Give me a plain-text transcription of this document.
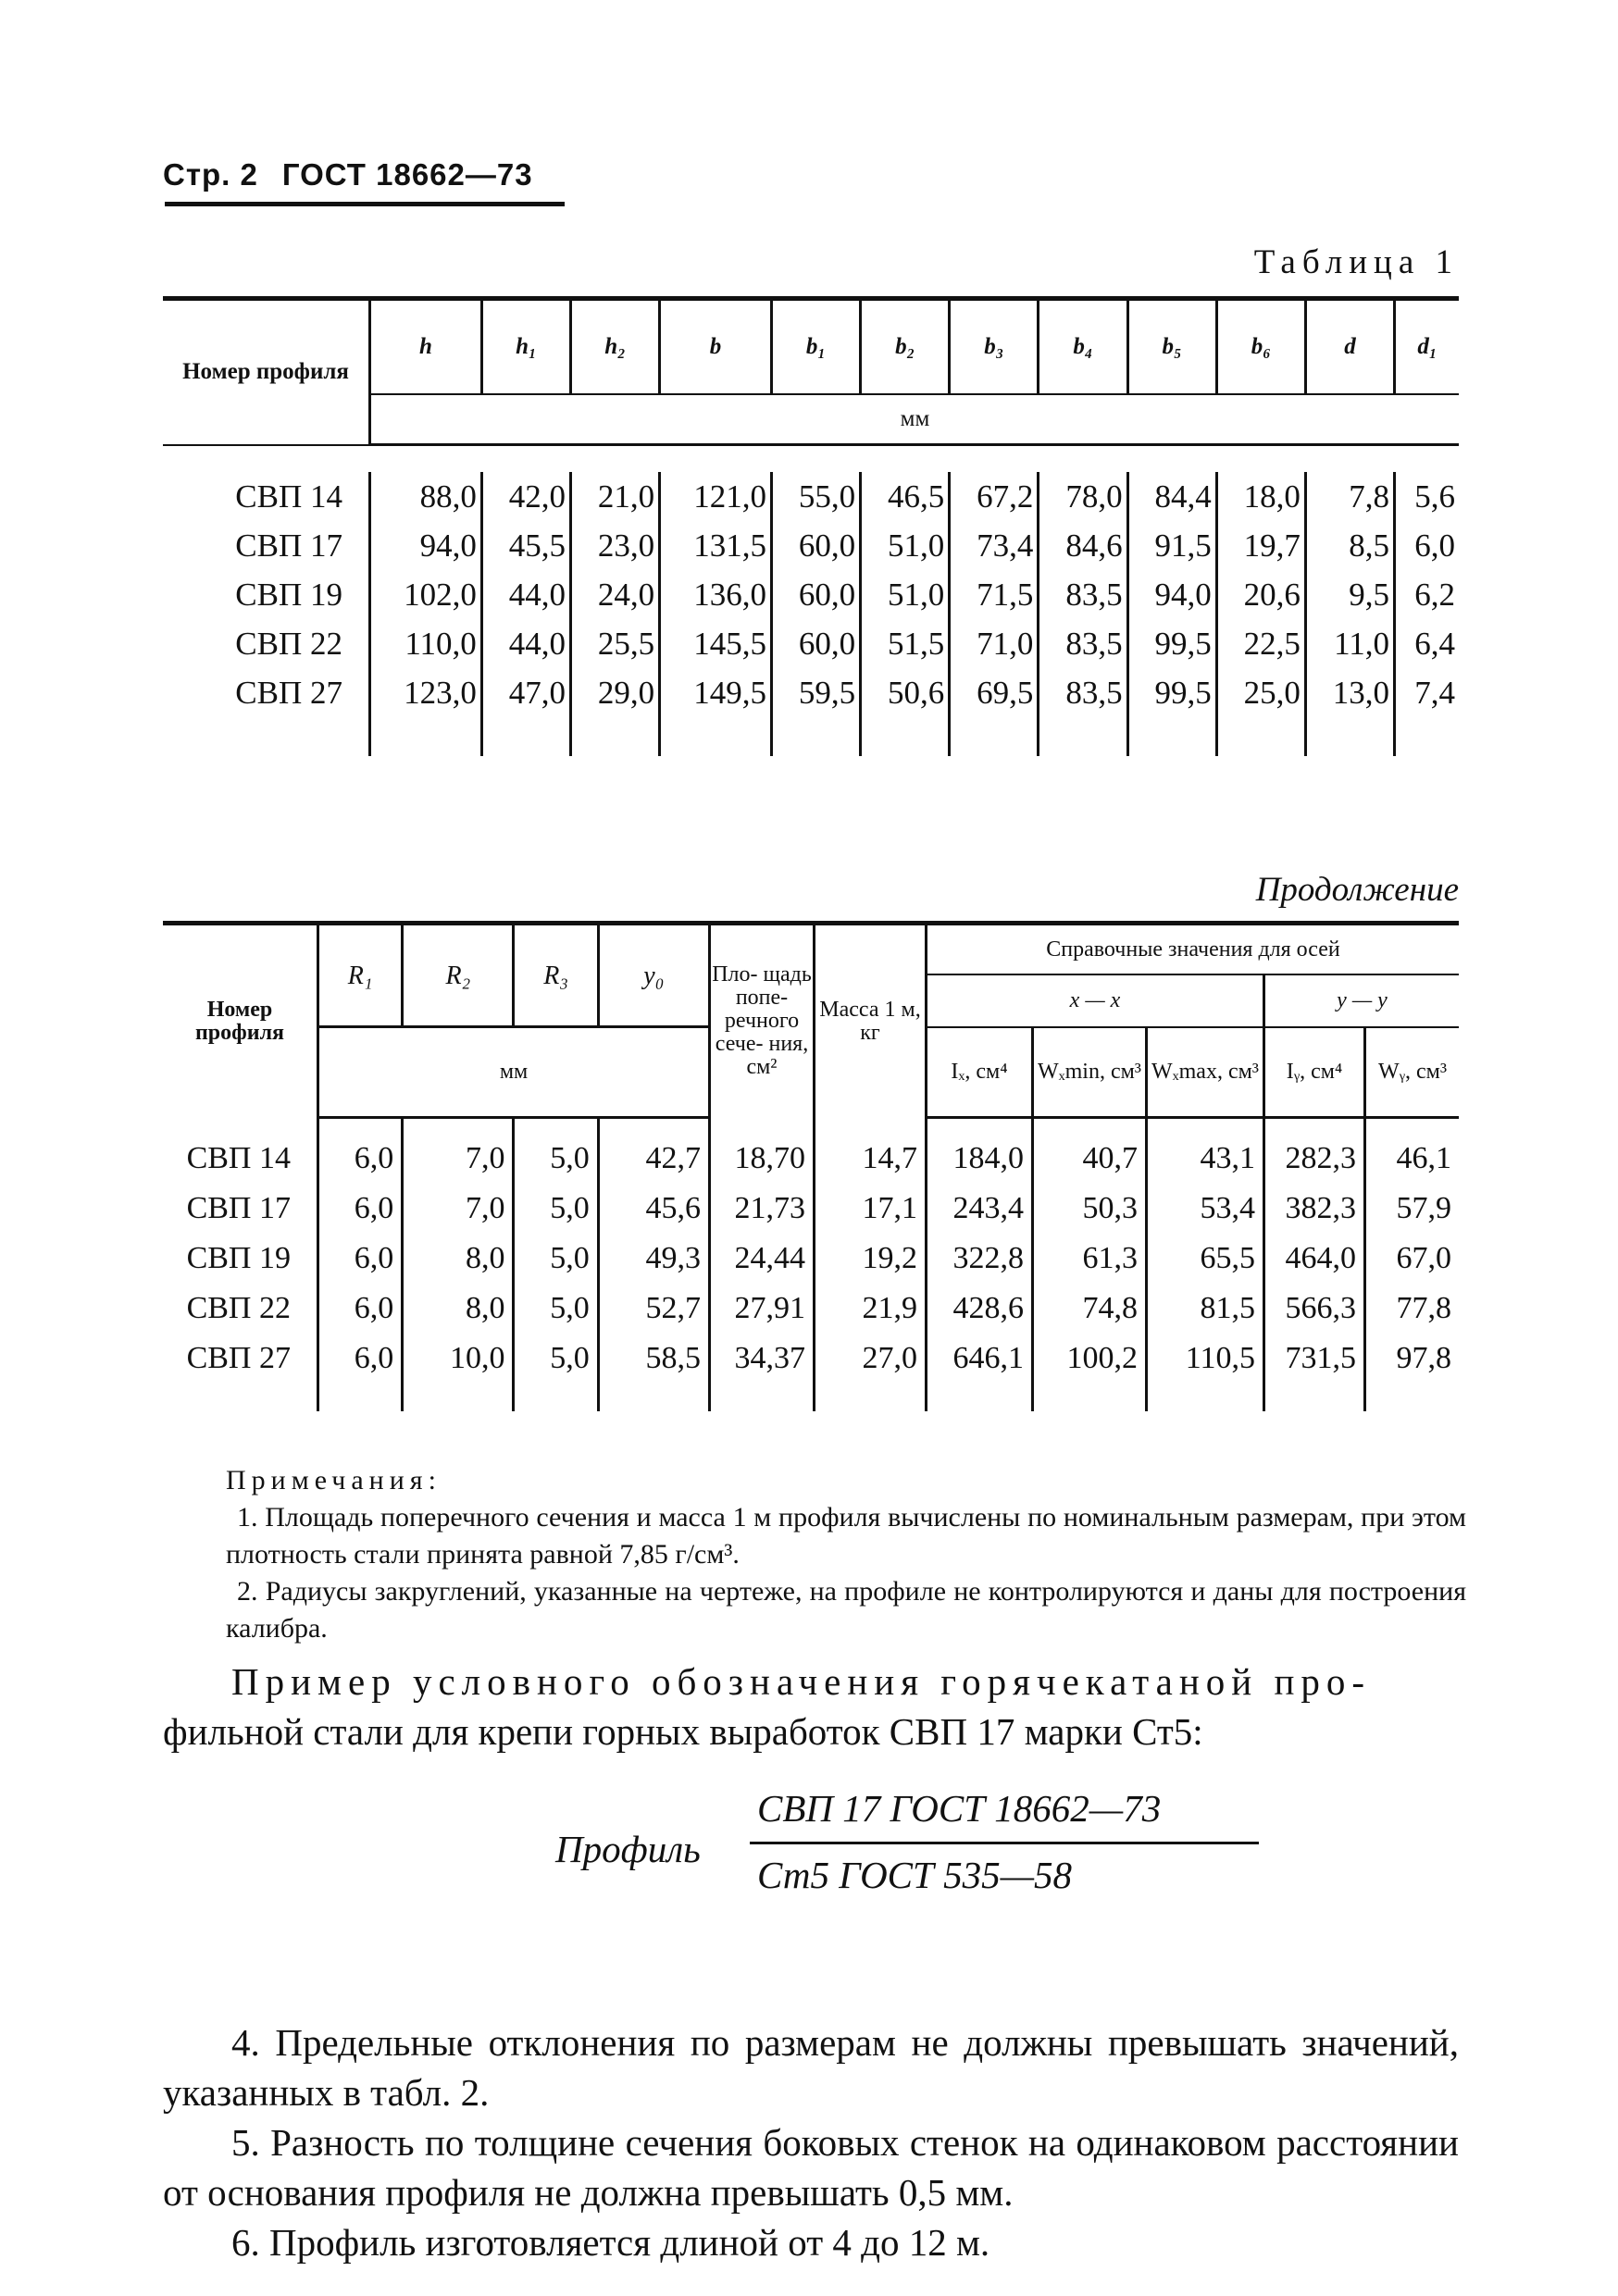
Стр. 2 ГОСТ 18662—73
Таблица 1
Номер профиля	h	h₁	h₂	b	b₁	b₂	b₃	b₄	b₅	b₆	d	d₁
	мм											

СВП 14	88,0	42,0	21,0	121,0	55,0	46,5	67,2	78,0	84,4	18,0	7,8	5,6
СВП 17	94,0	45,5	23,0	131,5	60,0	51,0	73,4	84,6	91,5	19,7	8,5	6,0
СВП 19	102,0	44,0	24,0	136,0	60,0	51,0	71,5	83,5	94,0	20,6	9,5	6,2
СВП 22	110,0	44,0	25,5	145,5	60,0	51,5	71,0	83,5	99,5	22,5	11,0	6,4
СВП 27	123,0	47,0	29,0	149,5	59,5	50,6	69,5	83,5	99,5	25,0	13,0	7,4

Продолжение
Номер профиля	R₁	R₂	R₃	y₀	Пло- щадь попе- речного сече- ния, см²	Масса 1 м, кг	Справочные значения для осей				
							x — x			y — y	
	мм						Iₓ, см⁴	Wₓmin, см³	Wₓmax, см³	Iᵧ, см⁴	Wᵧ, см³

СВП 14	6,0	7,0	5,0	42,7	18,70	14,7	184,0	40,7	43,1	282,3	46,1
СВП 17	6,0	7,0	5,0	45,6	21,73	17,1	243,4	50,3	53,4	382,3	57,9
СВП 19	6,0	8,0	5,0	49,3	24,44	19,2	322,8	61,3	65,5	464,0	67,0
СВП 22	6,0	8,0	5,0	52,7	27,91	21,9	428,6	74,8	81,5	566,3	77,8
СВП 27	6,0	10,0	5,0	58,5	34,37	27,0	646,1	100,2	110,5	731,5	97,8

Примечания:

1. Площадь поперечного сечения и масса 1 м профиля вычислены по номинальным размерам, при этом плотность стали принята равной 7,85 г/см³.

2. Радиусы закруглений, указанные на чертеже, на профиле не контролируются и даны для построения калибра.

Пример условного обозначения горячекатаной про-
фильной стали для крепи горных выработок СВП 17 марки Ст5:
Профиль
СВП 17 ГОСТ 18662—73
Ст5 ГОСТ 535—58

4. Предельные отклонения по размерам не должны превышать значений, указанных в табл. 2.

5. Разность по толщине сечения боковых стенок на одинаковом расстоянии от основания профиля не должна превышать 0,5 мм.

6. Профиль изготовляется длиной от 4 до 12 м.
